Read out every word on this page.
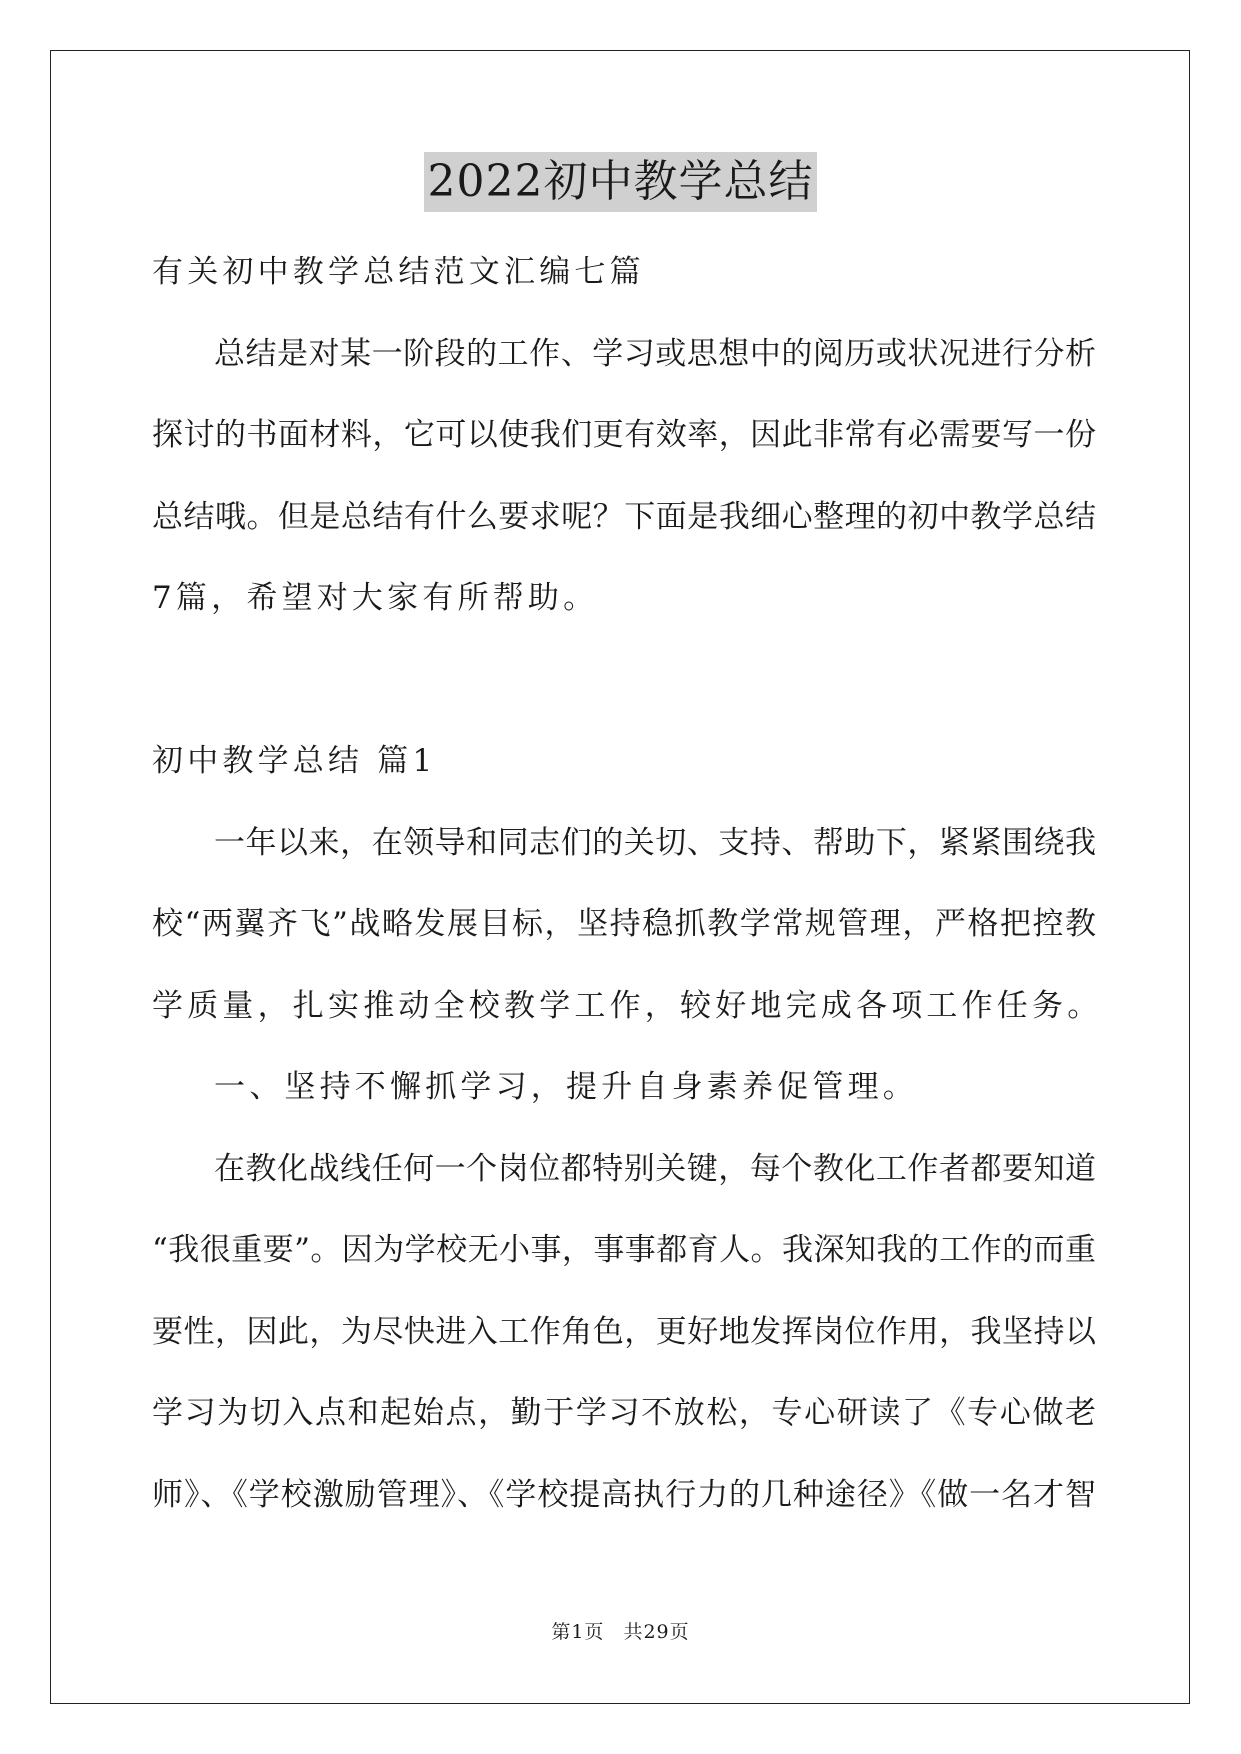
2022初中教学总结
有关初中教学总结范文汇编七篇
总结是对某一阶段的工作、学习或思想中的阅历或状况进行分析
探讨的书面材料，它可以使我们更有效率，因此非常有必需要写一份
总结哦。但是总结有什么要求呢？下面是我细心整理的初中教学总结
7篇，希望对大家有所帮助。
初中教学总结 篇1
一年以来，在领导和同志们的关切、支持、帮助下，紧紧围绕我
校“两翼齐飞”战略发展目标，坚持稳抓教学常规管理，严格把控教
学质量，扎实推动全校教学工作，较好地完成各项工作任务。
一、坚持不懈抓学习，提升自身素养促管理。
在教化战线任何一个岗位都特别关键，每个教化工作者都要知道
“我很重要”。因为学校无小事，事事都育人。我深知我的工作的而重
要性，因此，为尽快进入工作角色，更好地发挥岗位作用，我坚持以
学习为切入点和起始点，勤于学习不放松，专心研读了《专心做老
师》、《学校激励管理》、《学校提高执行力的几种途径》《做一名才智
第1页 共29页
